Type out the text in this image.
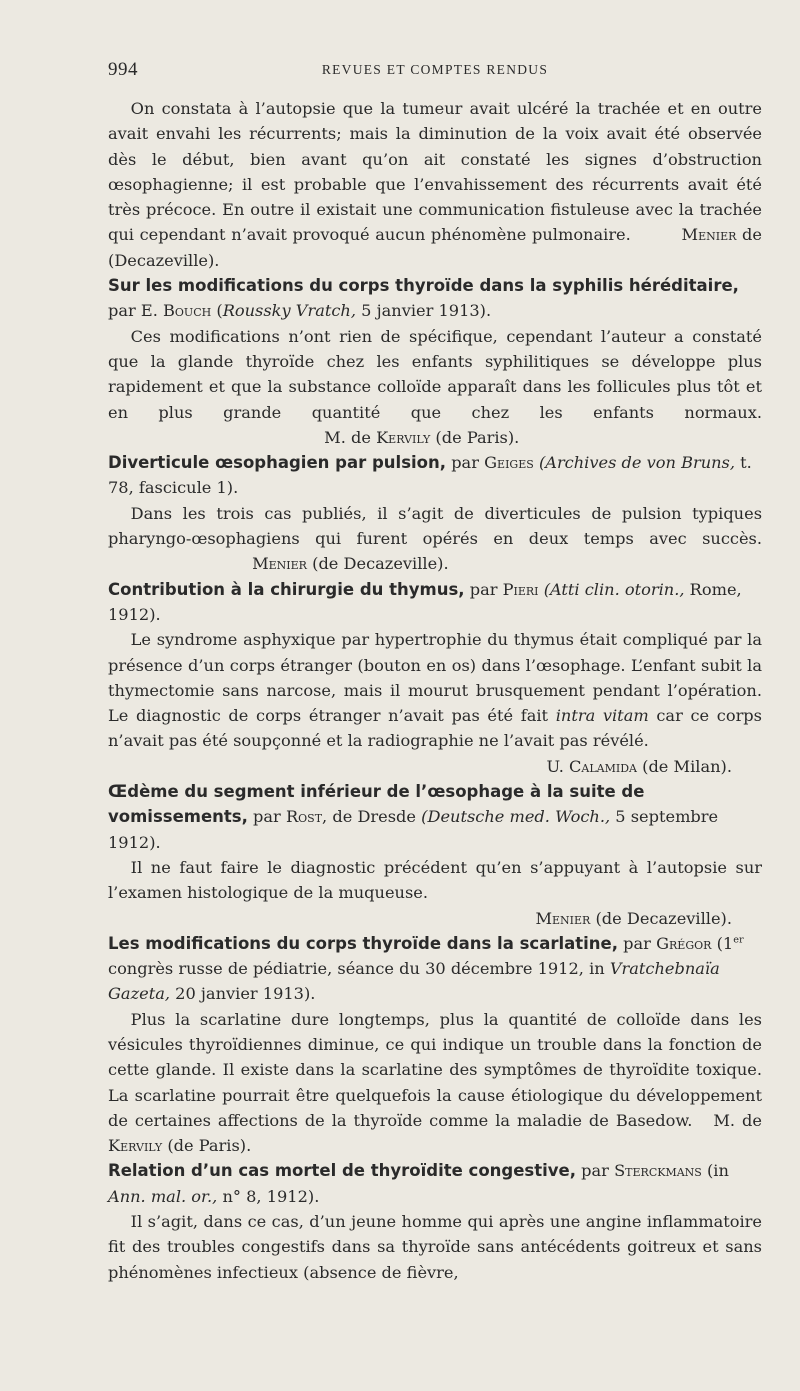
994	REVUES ET COMPTES RENDUS

On constata à l’autopsie que la tumeur avait ulcéré la trachée et en outre avait envahi les récurrents; mais la diminution de la voix avait été observée dès le début, bien avant qu’on ait constaté les signes d’obstruction œsophagienne; il est probable que l’envahissement des récurrents avait été très précoce. En outre il existait une communication fistuleuse avec la trachée qui cependant n’avait provoqué aucun phénomène pulmonaire.	Menier de (Decazeville).

Sur les modifications du corps thyroïde dans la syphilis héréditaire, par E. Bouch (Roussky Vratch, 5 janvier 1913).

Ces modifications n’ont rien de spécifique, cependant l’auteur a constaté que la glande thyroïde chez les enfants syphilitiques se développe plus rapidement et que la substance colloïde apparaît dans les follicules plus tôt et en plus grande quantité que chez les enfants normaux.                                           M. de Kervily (de Paris).

Diverticule œsophagien par pulsion, par Geiges (Archives de von Bruns, t. 78, fascicule 1).

Dans les trois cas publiés, il s’agit de diverticules de pulsion typiques pharyngo-œsophagiens qui furent opérés en deux temps avec succès.                             Menier (de Decazeville).

Contribution à la chirurgie du thymus, par Pieri (Atti clin. otorin., Rome, 1912).

Le syndrome asphyxique par hypertrophie du thymus était compliqué par la présence d’un corps étranger (bouton en os) dans l’œsophage. L’enfant subit la thymectomie sans narcose, mais il mourut brusquement pendant l’opération. Le diagnostic de corps étranger n’avait pas été fait intra vitam car ce corps n’avait pas été soupçonné et la radiographie ne l’avait pas révélé.

U. Calamida (de Milan).

Œdème du segment inférieur de l’œsophage à la suite de vomissements, par Rost, de Dresde (Deutsche med. Woch., 5 septembre 1912).

Il ne faut faire le diagnostic précédent qu’en s’appuyant à l’autopsie sur l’examen histologique de la muqueuse.

Menier (de Decazeville).

Les modifications du corps thyroïde dans la scarlatine, par Grégor (1er congrès russe de pédiatrie, séance du 30 décembre 1912, in Vratchebnaïa Gazeta, 20 janvier 1913).

Plus la scarlatine dure longtemps, plus la quantité de colloïde dans les vésicules thyroïdiennes diminue, ce qui indique un trouble dans la fonction de cette glande. Il existe dans la scarlatine des symptômes de thyroïdite toxique. La scarlatine pourrait être quelquefois la cause étiologique du développement de certaines affections de la thyroïde comme la maladie de Basedow. M. de Kervily (de Paris).

Relation d’un cas mortel de thyroïdite congestive, par Sterckmans (in Ann. mal. or., n° 8, 1912).

Il s’agit, dans ce cas, d’un jeune homme qui après une angine inflammatoire fit des troubles congestifs dans sa thyroïde sans antécédents goitreux et sans phénomènes infectieux (absence de fièvre,
